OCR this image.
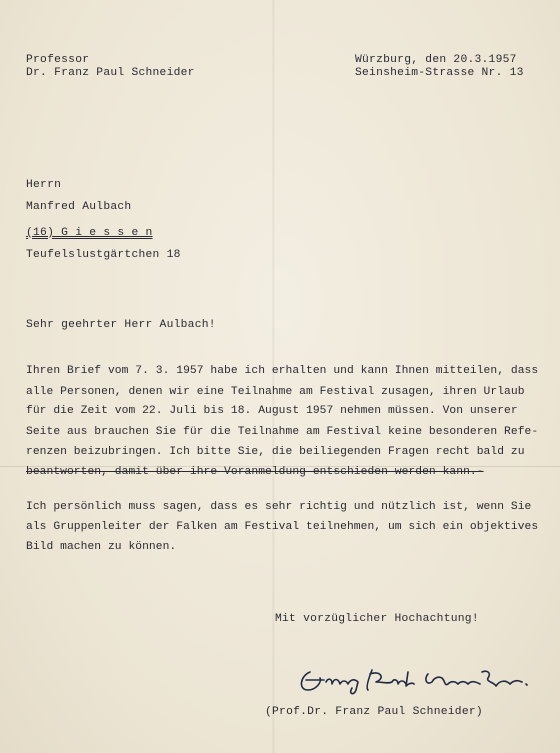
Professor
Dr. Franz Paul Schneider
Würzburg, den 20.3.1957
Seinsheim-Strasse Nr. 13
Herrn
Manfred Aulbach
(16) G i e s s e n
Teufelslustgärtchen 18
Sehr geehrter Herr Aulbach!
Ihren Brief vom 7. 3. 1957 habe ich erhalten und kann Ihnen mitteilen, dass
alle Personen, denen wir eine Teilnahme am Festival zusagen, ihren Urlaub
für die Zeit vom 22. Juli bis 18. August 1957 nehmen müssen. Von unserer
Seite aus brauchen Sie für die Teilnahme am Festival keine besonderen Refe-
renzen beizubringen. Ich bitte Sie, die beiliegenden Fragen recht bald zu
beantworten, damit über ihre Voranmeldung entschieden werden kann.-
Ich persönlich muss sagen, dass es sehr richtig und nützlich ist, wenn Sie
als Gruppenleiter der Falken am Festival teilnehmen, um sich ein objektives
Bild machen zu können.
Mit vorzüglicher Hochachtung!
(Prof.Dr. Franz Paul Schneider)
